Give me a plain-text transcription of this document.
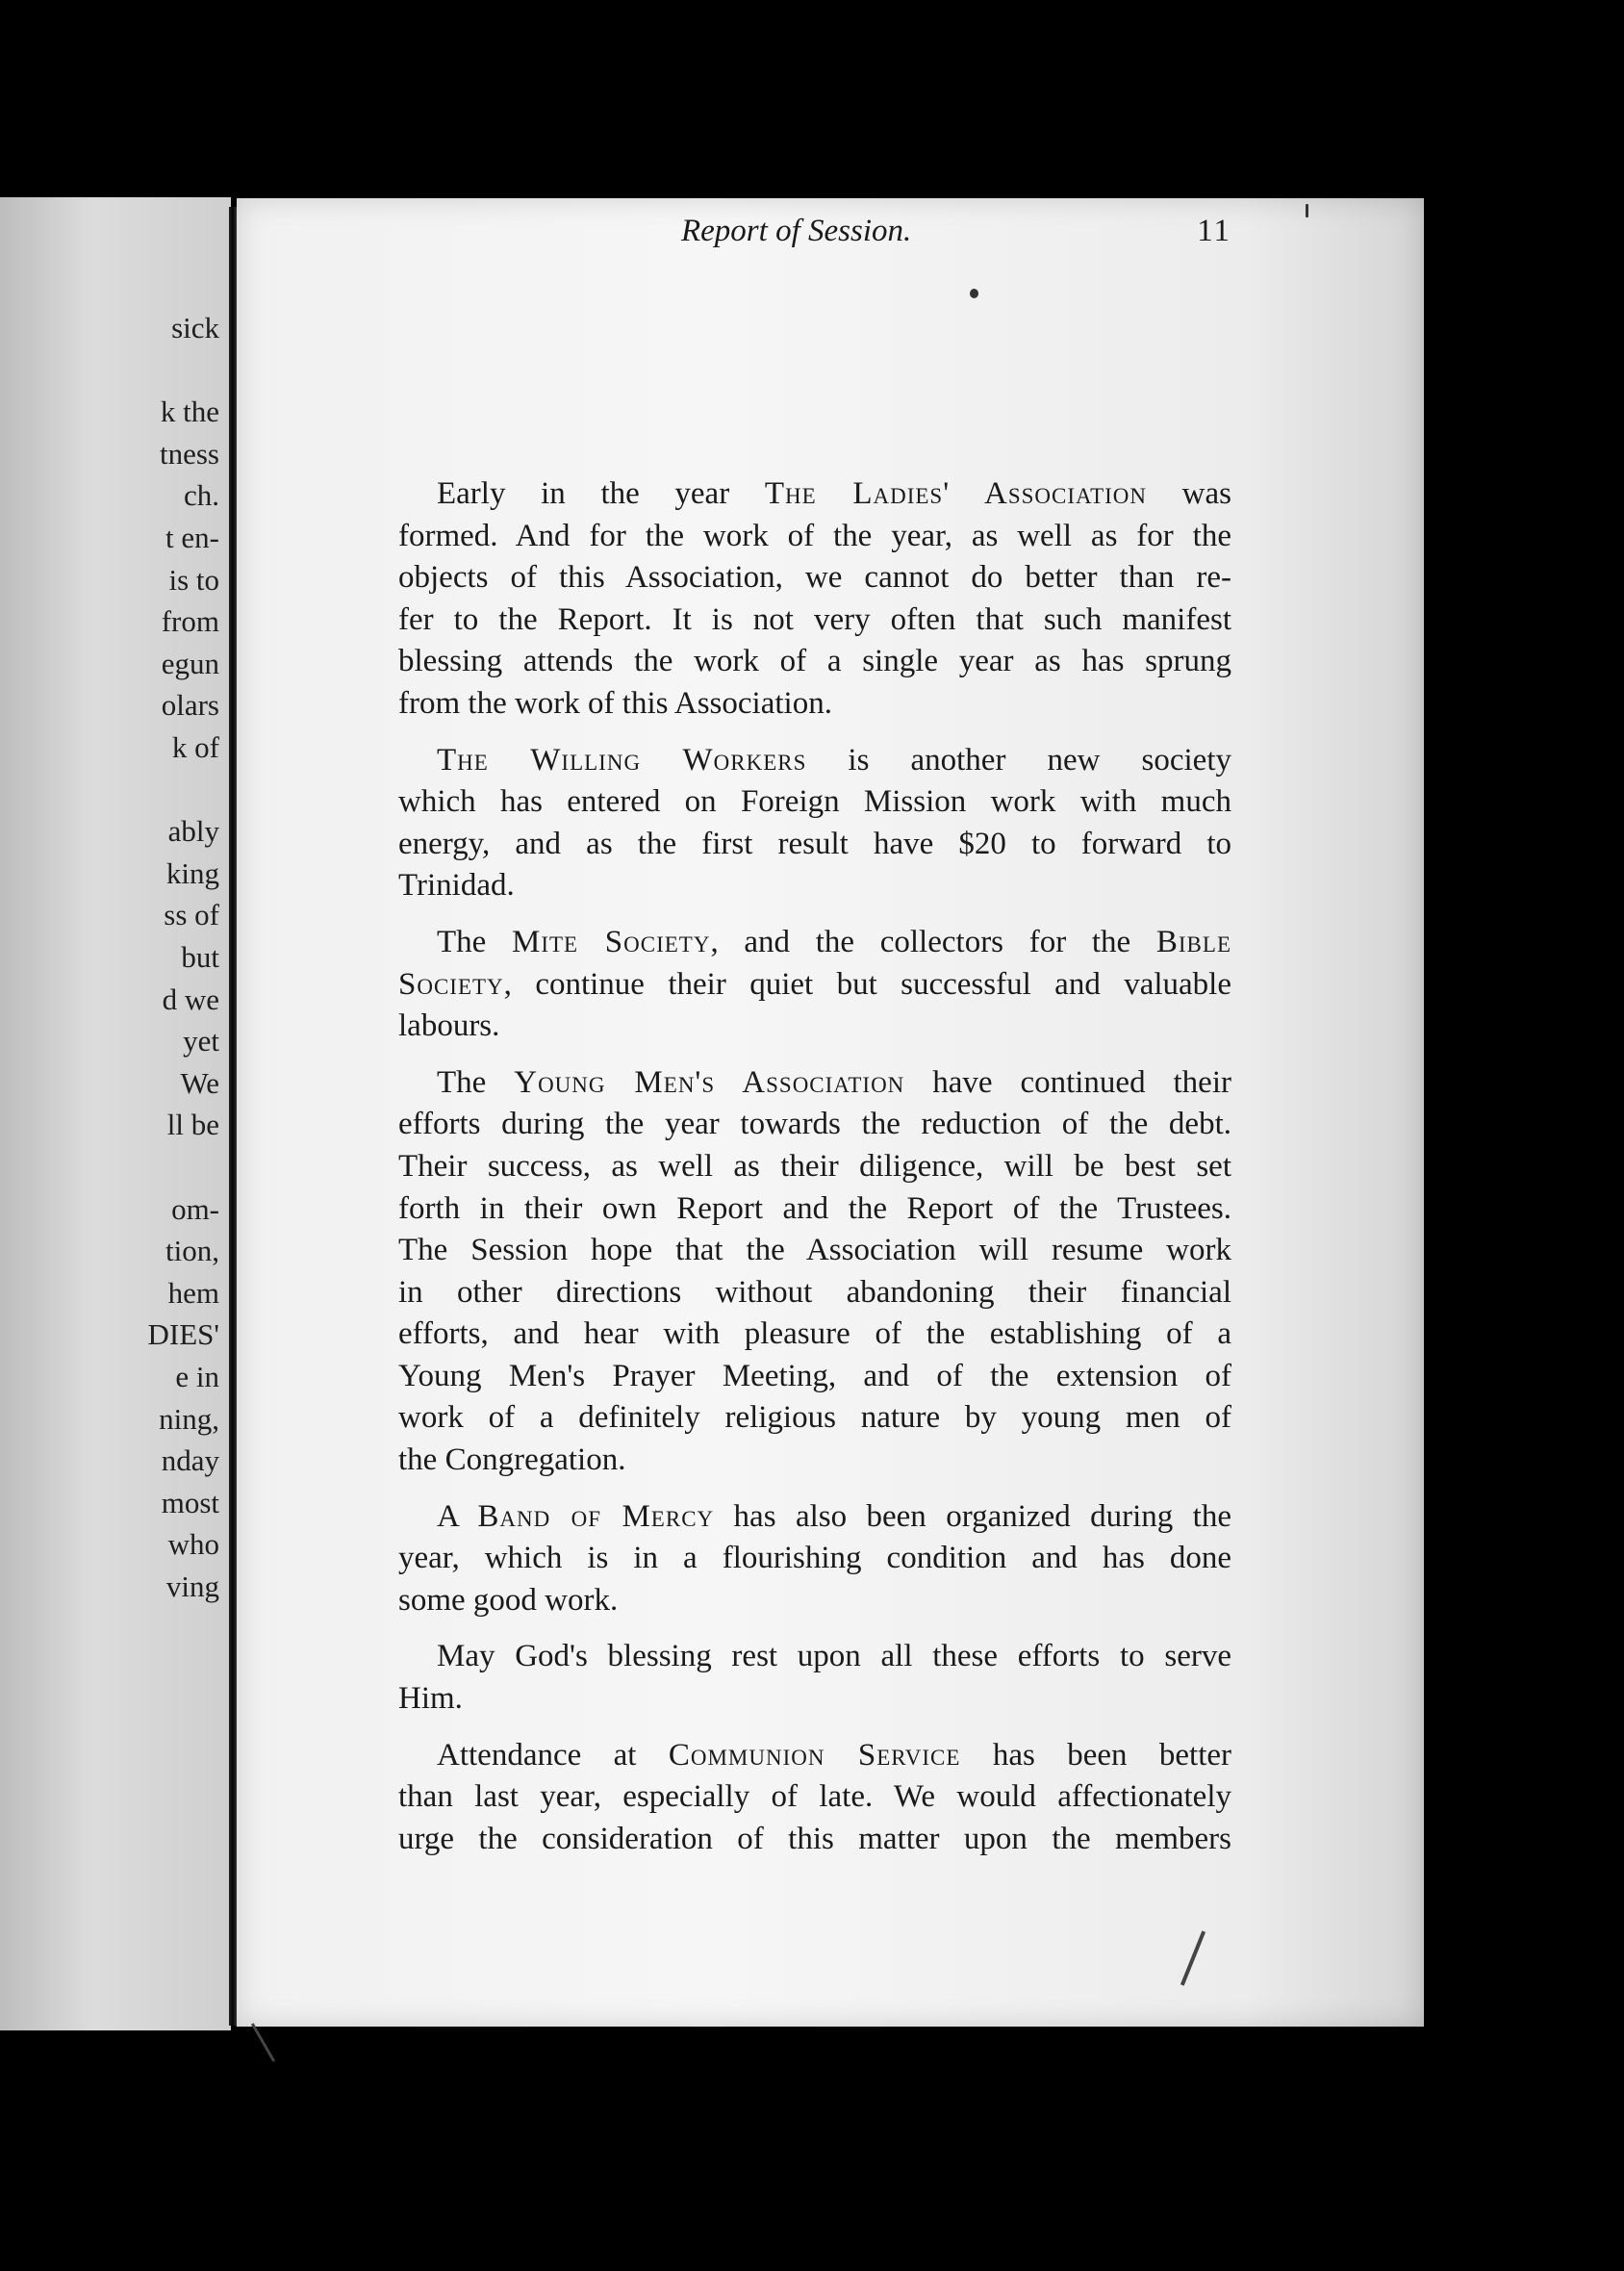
sick
k the
tness
ch.
t en-
is to
from
egun
olars
k of
ably
king
ss of
but
d we
yet
We
ll be
om-
tion,
hem
DIES'
e in
ning,
nday
most
who
ving
Report of Session.	11
Early in the year The Ladies' Association was
formed. And for the work of the year, as well as for the
objects of this Association, we cannot do better than re-
fer to the Report. It is not very often that such manifest
blessing attends the work of a single year as has sprung
from the work of this Association.
The Willing Workers is another new society
which has entered on Foreign Mission work with much
energy, and as the first result have $20 to forward to
Trinidad.
The Mite Society, and the collectors for the Bible
Society, continue their quiet but successful and valuable
labours.
The Young Men's Association have continued their
efforts during the year towards the reduction of the debt.
Their success, as well as their diligence, will be best set
forth in their own Report and the Report of the Trustees.
The Session hope that the Association will resume work
in other directions without abandoning their financial
efforts, and hear with pleasure of the establishing of a
Young Men's Prayer Meeting, and of the extension of
work of a definitely religious nature by young men of
the Congregation.
A Band of Mercy has also been organized during the
year, which is in a flourishing condition and has done
some good work.
May God's blessing rest upon all these efforts to serve
Him.
Attendance at Communion Service has been better
than last year, especially of late. We would affectionately
urge the consideration of this matter upon the members
